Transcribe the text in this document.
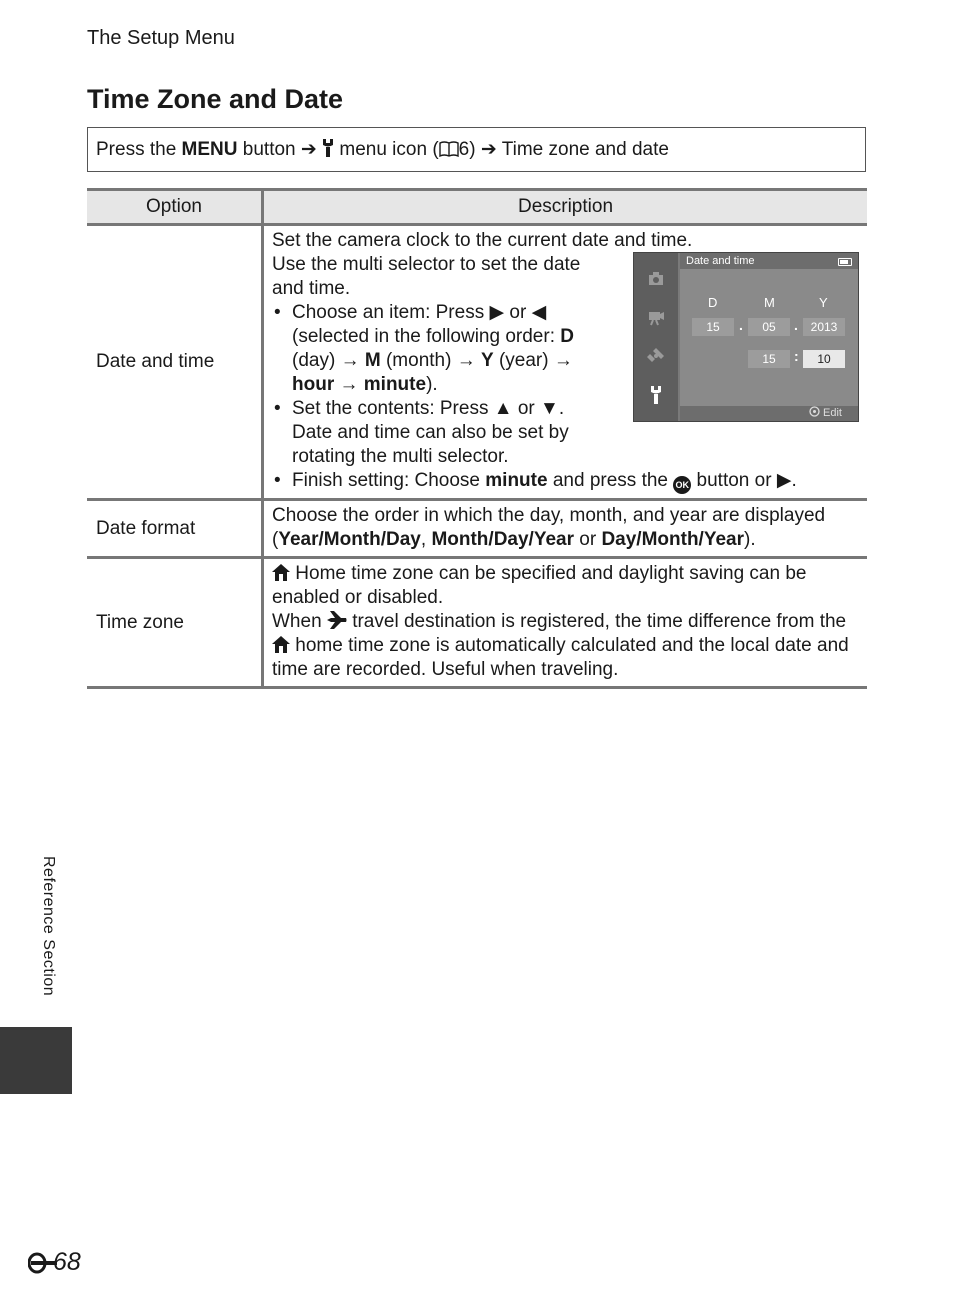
The Setup Menu
Time Zone and Date
Press the MENU button ➔ menu icon ( 6) ➔ Time zone and date
Option	Description
Date and time	Set the camera clock to the current date and time.
Use the multi selector to set the date and time.
• Choose an item: Press ▶ or ◀ (selected in the following order: D (day) → M (month) → Y (year) → hour → minute).
• Set the contents: Press ▲ or ▼. Date and time can also be set by rotating the multi selector.
• Finish setting: Choose minute and press the OK button or ▶.

Date format	Choose the order in which the day, month, and year are displayed (Year/Month/Day, Month/Day/Year or Day/Month/Year).
Time zone	Home time zone can be specified and daylight saving can be enabled or disabled.
When travel destination is registered, the time difference from the
home time zone is automatically calculated and the local date and time are recorded. Useful when traveling.
Date and time
D	M	Y
15	.	05	.	2013
15	:	10
Edit
Reference Section
68
